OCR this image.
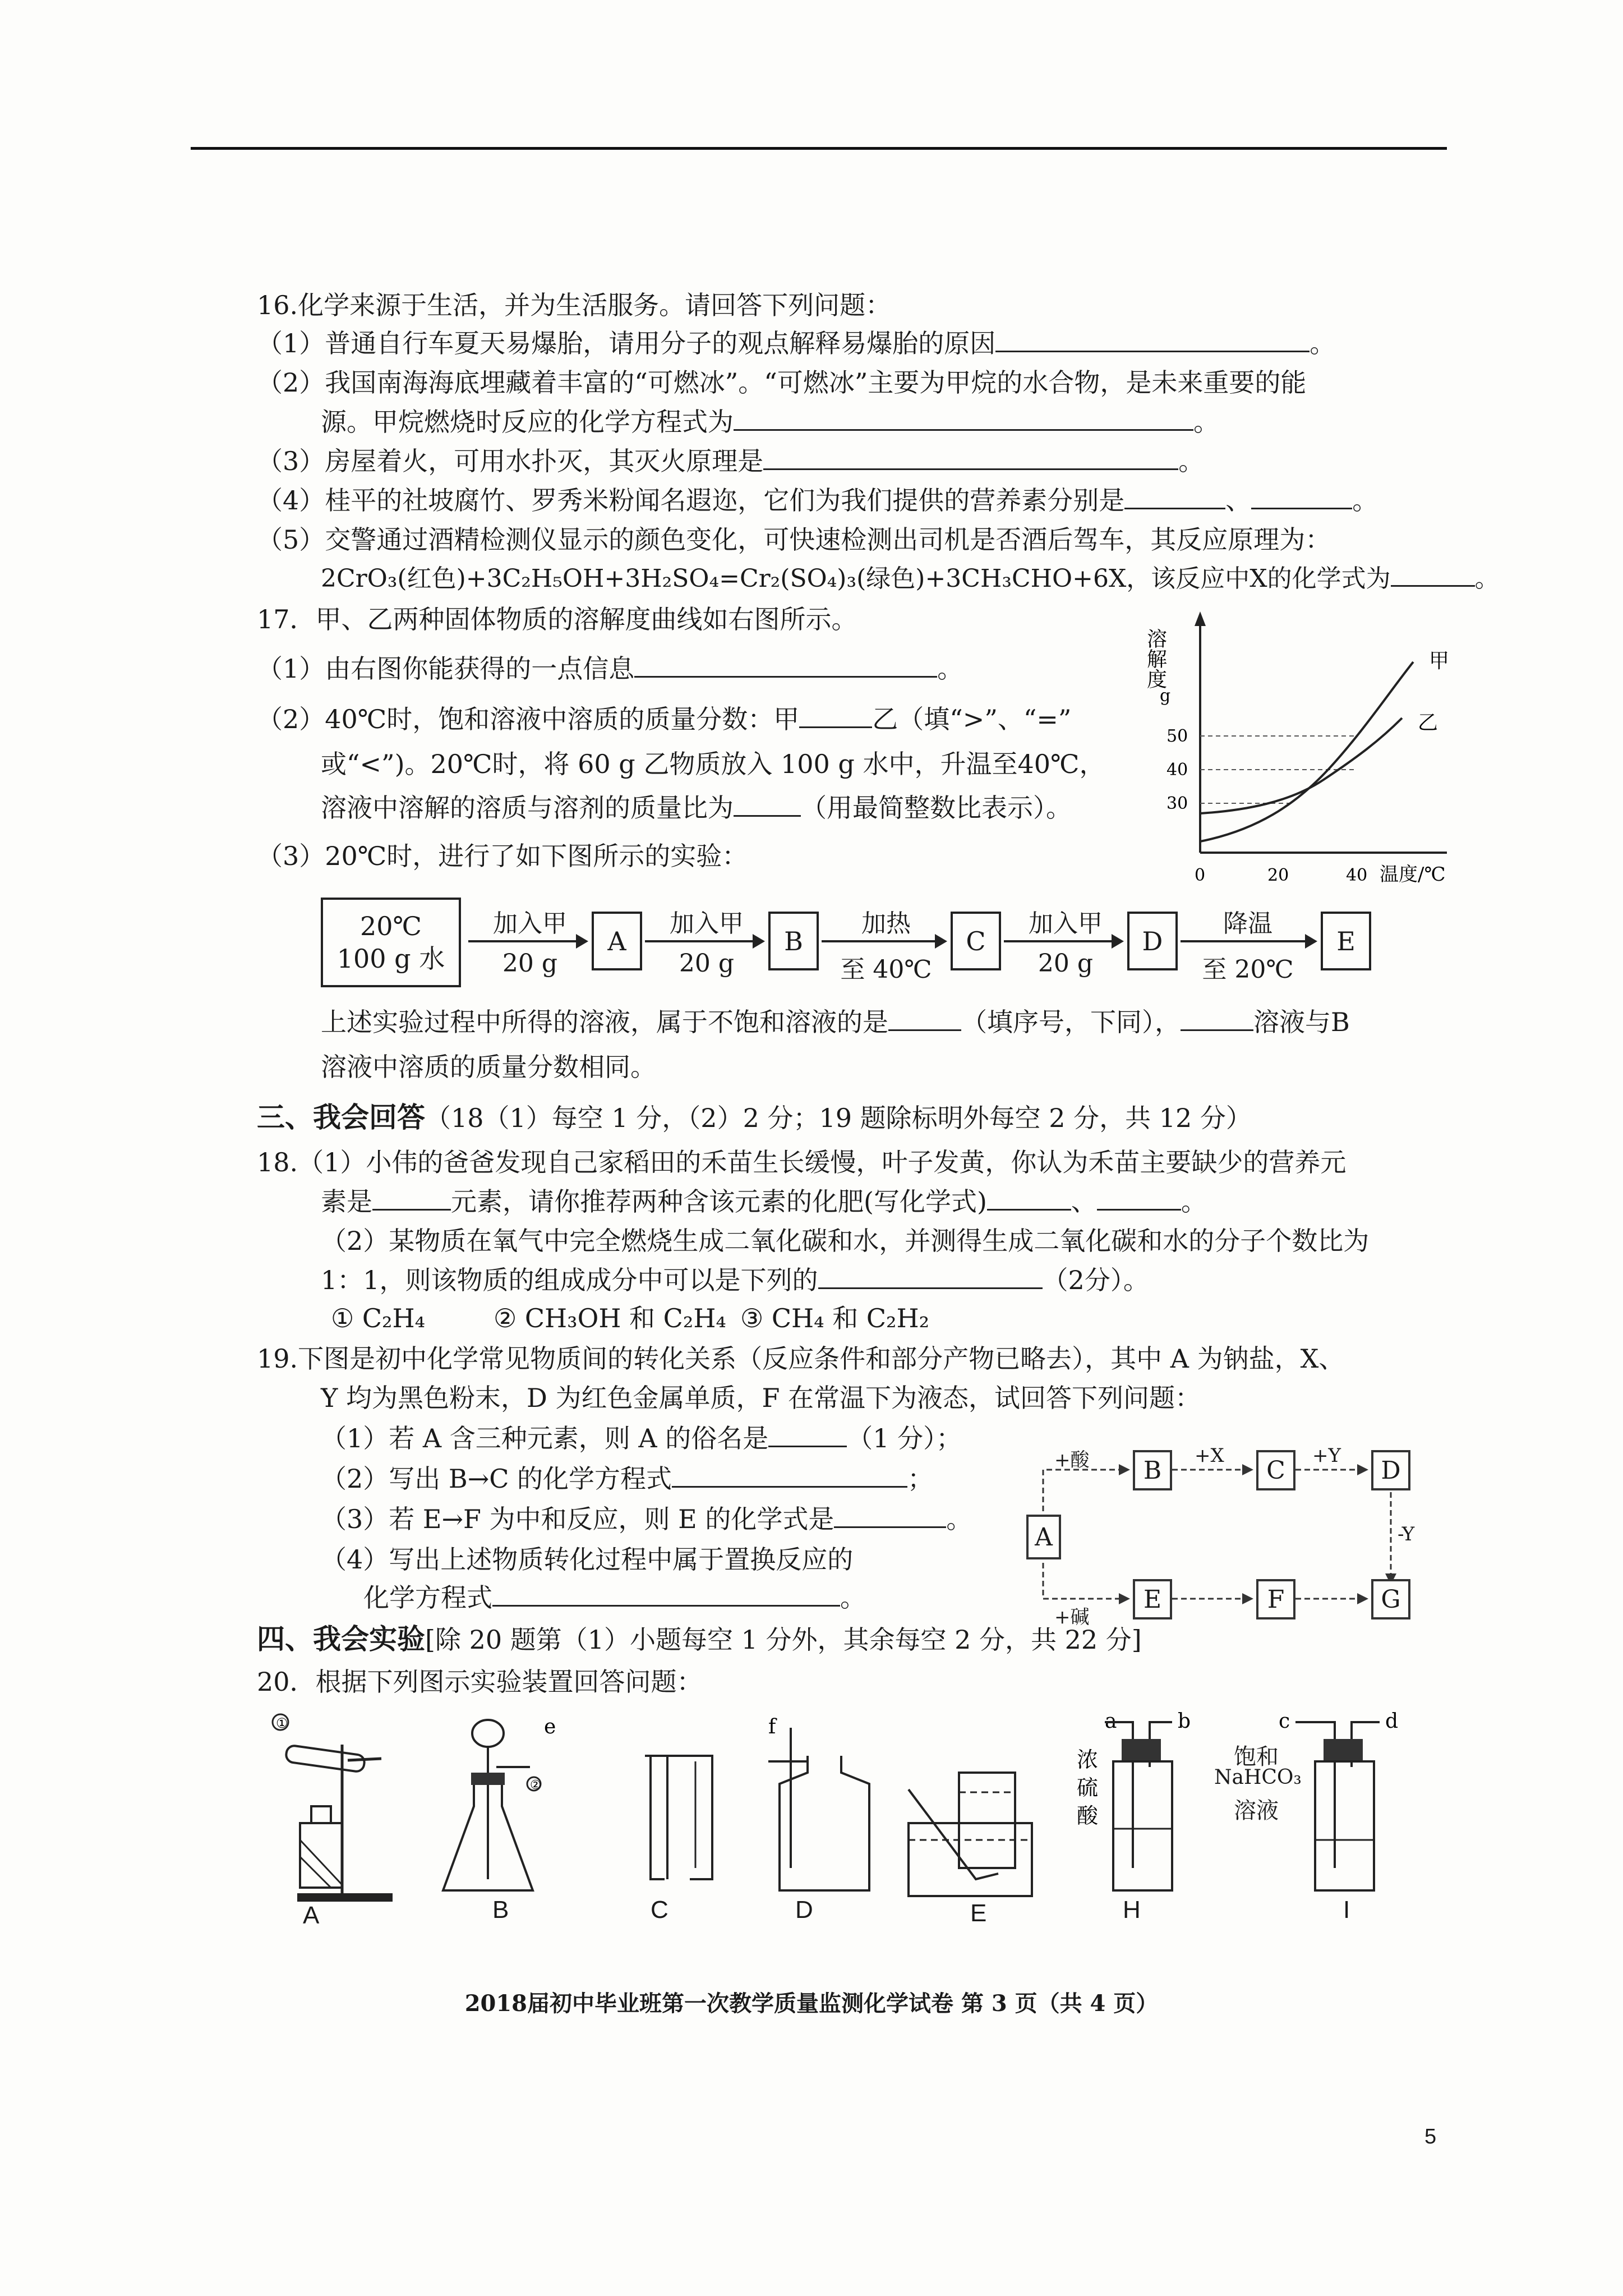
16.化学来源于生活，并为生活服务。请回答下列问题：
（1）普通自行车夏天易爆胎，请用分子的观点解释易爆胎的原因	。
（2）我国南海海底埋藏着丰富的“可燃冰”。“可燃冰”主要为甲烷的水合物，是未来重要的能
源。甲烷燃烧时反应的化学方程式为	。
（3）房屋着火，可用水扑灭，其灭火原理是	。
（4）桂平的社坡腐竹、罗秀米粉闻名遐迩，它们为我们提供的营养素分别是	、	。
（5）交警通过酒精检测仪显示的颜色变化，可快速检测出司机是否酒后驾车，其反应原理为：
2CrO₃(红色)+3C₂H₅OH+3H₂SO₄=Cr₂(SO₄)₃(绿色)+3CH₃CHO+6X，该反应中X的化学式为	。
17．甲、乙两种固体物质的溶解度曲线如右图所示。
（1）由右图你能获得的一点信息	。
（2）40℃时，饱和溶液中溶质的质量分数：甲	乙（填“>”、“=”
或“<”)。20℃时，将 60 g 乙物质放入 100 g 水中，升温至40℃，
溶液中溶解的溶质与溶剂的质量比为	（用最简整数比表示）。
（3）20℃时，进行了如下图所示的实验：
溶解度
g
50
40
30
0	20	40 温度/℃
甲
乙
20℃
100 g 水
加入甲
20 g
A
加入甲
20 g
B
加热
至 40℃
C
加入甲
20 g
D
降温
至 20℃
E
上述实验过程中所得的溶液，属于不饱和溶液的是	（填序号，下同），	溶液与B
溶液中溶质的质量分数相同。
三、我会回答（18（1）每空 1 分，（2）2 分；19 题除标明外每空 2 分，共 12 分）
18.（1）小伟的爸爸发现自己家稻田的禾苗生长缓慢，叶子发黄，你认为禾苗主要缺少的营养元
素是	元素，请你推荐两种含该元素的化肥(写化学式)	、	。
（2）某物质在氧气中完全燃烧生成二氧化碳和水，并测得生成二氧化碳和水的分子个数比为
1：1，则该物质的组成成分中可以是下列的	（2分）。
① C₂H₄	② CH₃OH 和 C₂H₄ ③ CH₄ 和 C₂H₂
19.下图是初中化学常见物质间的转化关系（反应条件和部分产物已略去），其中 A 为钠盐，X、
Y 均为黑色粉末，D 为红色金属单质，F 在常温下为液态，试回答下列问题：
（1）若 A 含三种元素，则 A 的俗名是	（1 分）；
（2）写出 B→C 的化学方程式	；
（3）若 E→F 为中和反应，则 E 的化学式是	。
（4）写出上述物质转化过程中属于置换反应的
化学方程式	。
A
B	C	D
E	F	G
+酸	+X	+Y
-Y
+碱
四、我会实验[除 20 题第（1）小题每空 1 分外，其余每空 2 分，共 22 分]
20．根据下列图示实验装置回答问题：
①	e
②
f	a	b
浓
硫
酸
c	d
饱和
NaHCO₃
溶液
A	B	C	D	E	H	I
2018届初中毕业班第一次教学质量监测化学试卷 第 3 页（共 4 页）
5
